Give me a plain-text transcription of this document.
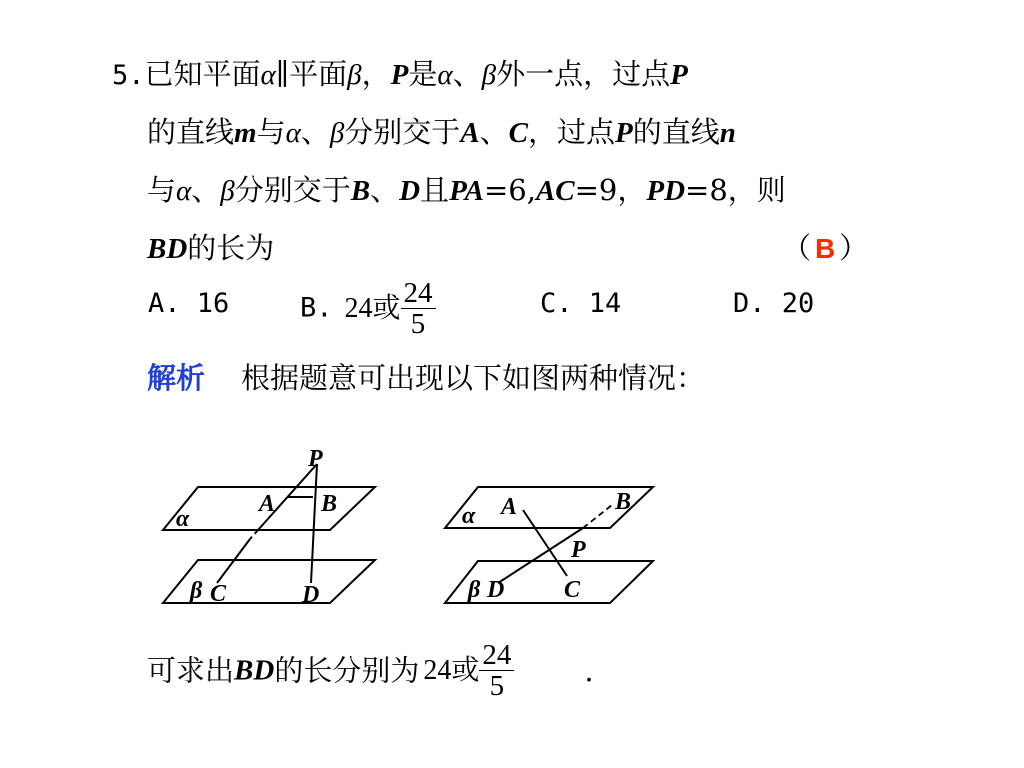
5.已知平面α∥平面β，P是α、β外一点，过点P
的直线m与α、β分别交于A、C，过点P的直线n
与α、β分别交于B、D且PA=6,AC=9，PD=8，则
BD的长为	（ B ）
A. 16	B. 24或 $\frac{24}{5}$	C. 14	D. 20
解析 根据题意可出现以下如图两种情况：
P
A B
α
β C	D
α A	B
P
β D C
可求出BD的长分别为 24或 $\frac{24}{5}$ .
